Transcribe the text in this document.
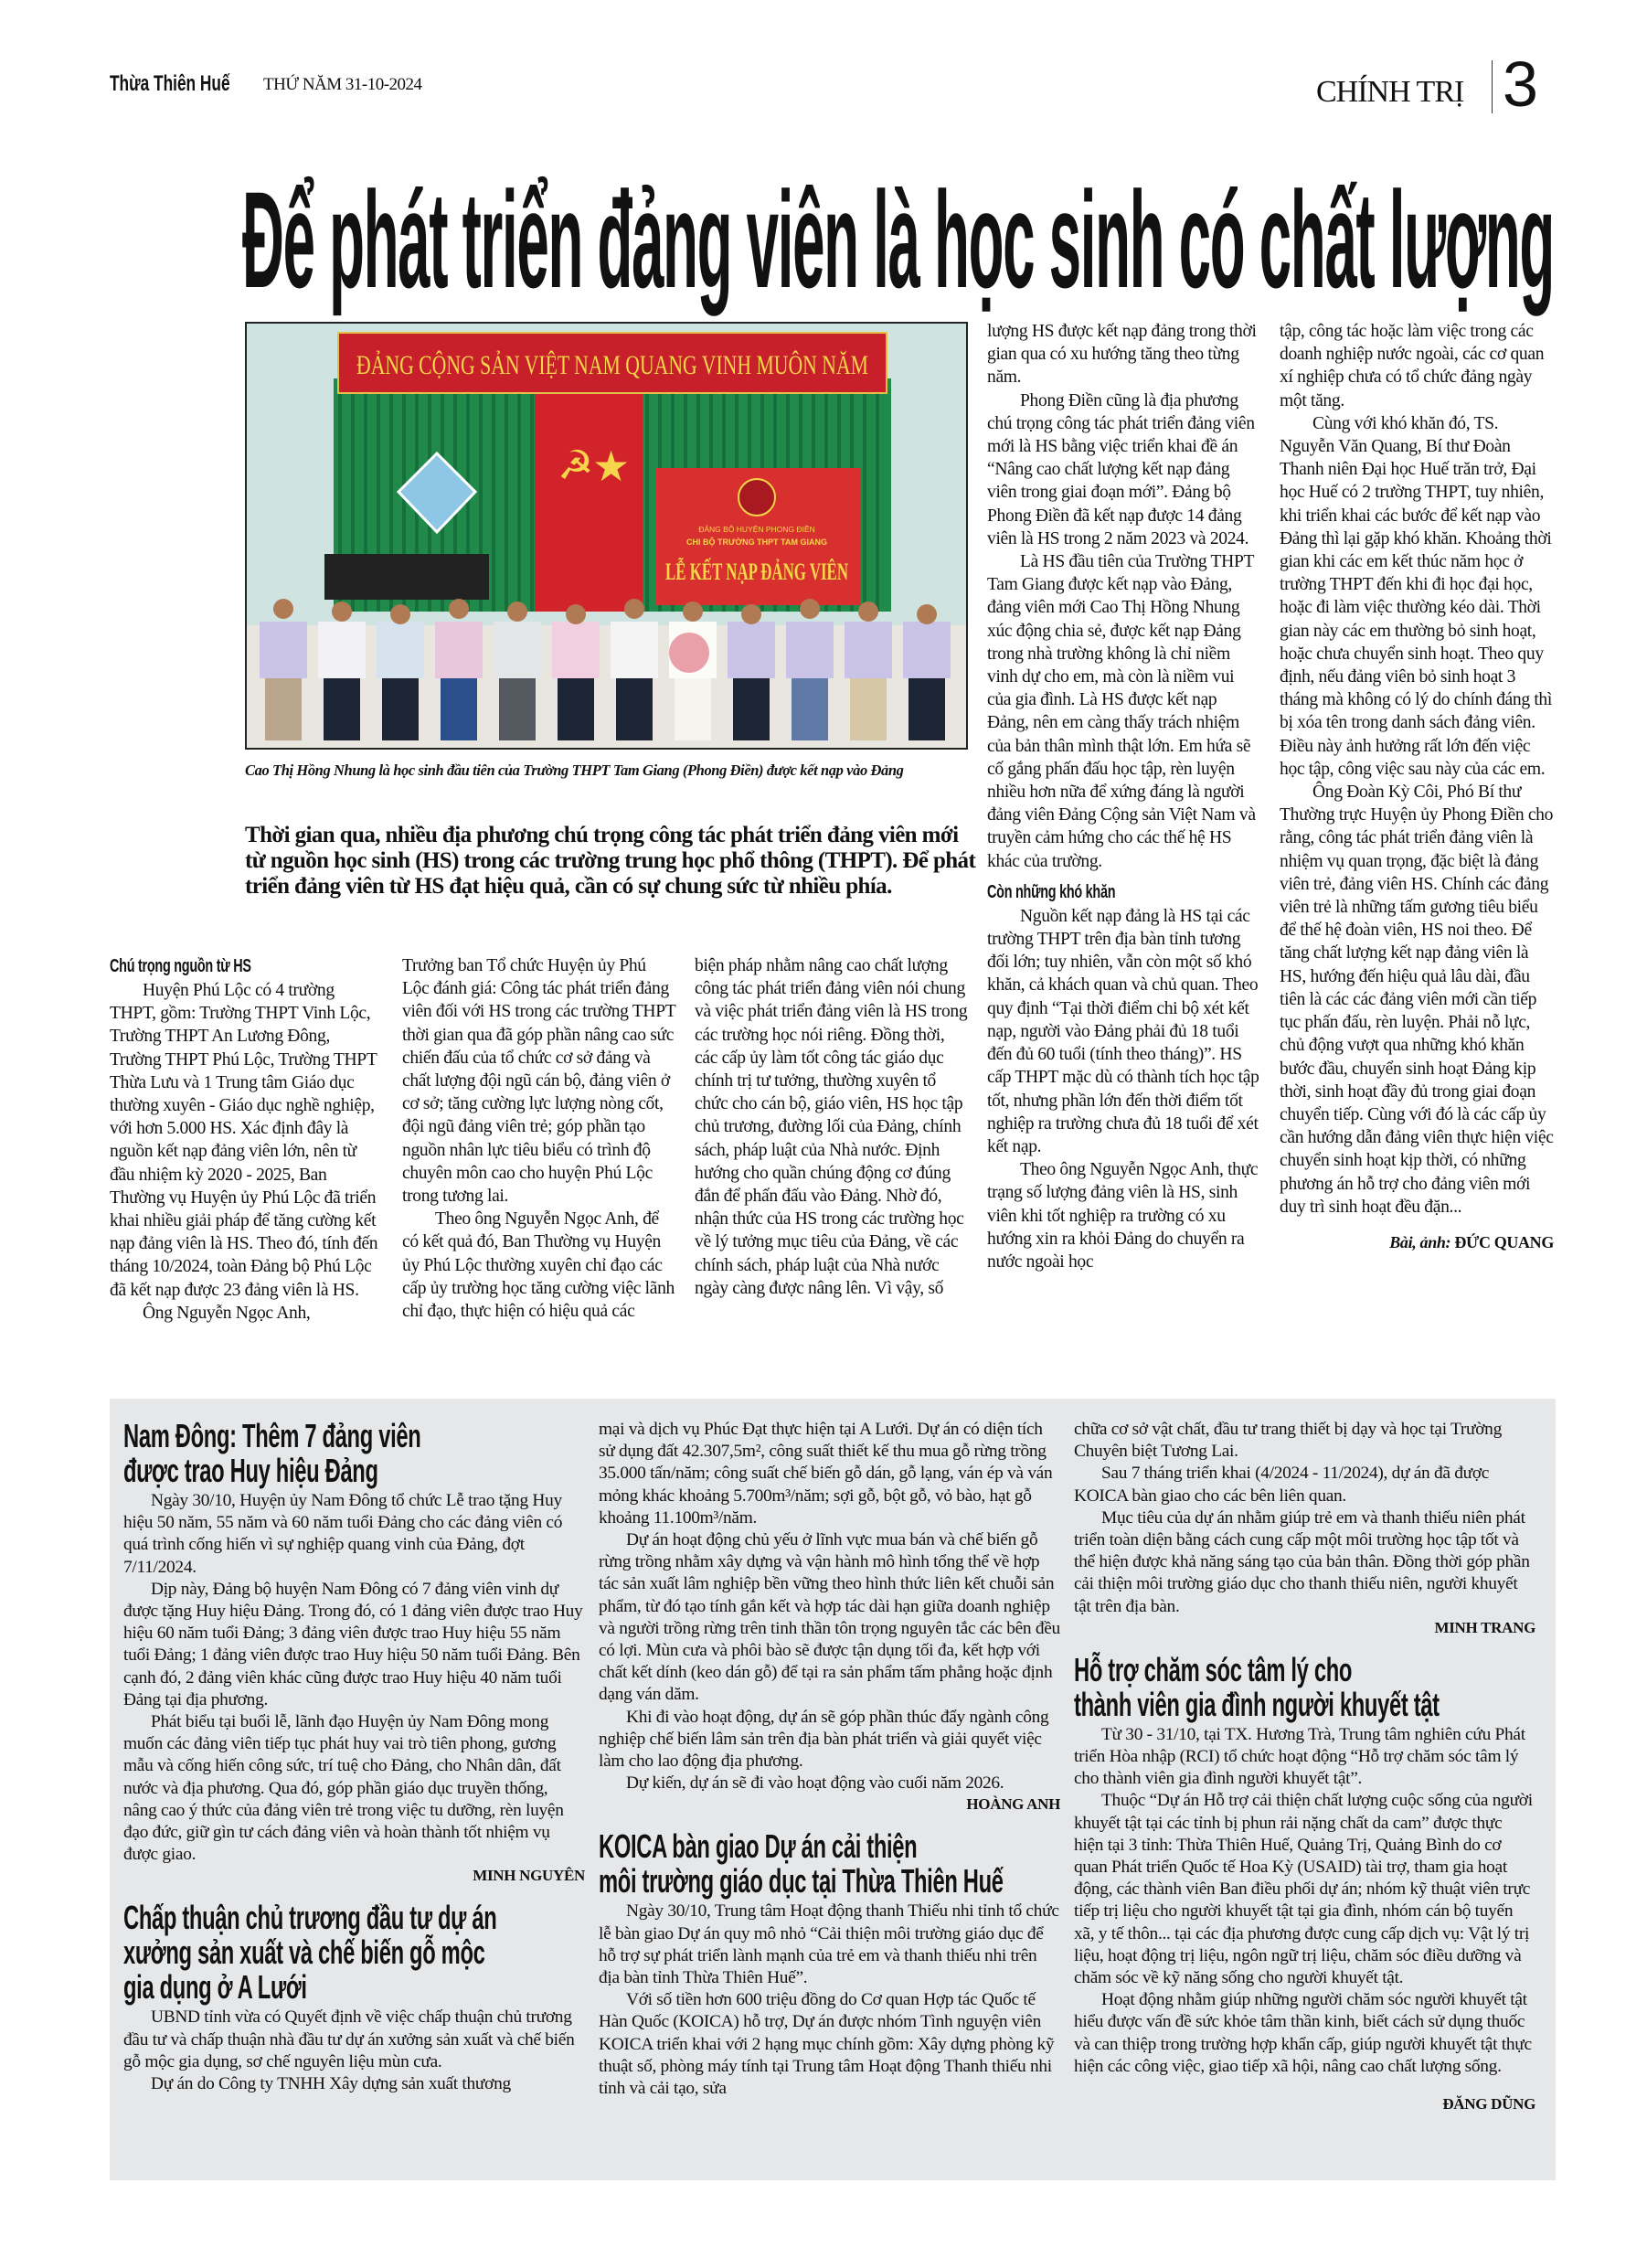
Thừa Thiên Huế THỨ NĂM 31-10-2024	CHÍNH TRỊ 3
Để phát triển đảng viên là học sinh có chất lượng
ĐẢNG CỘNG SẢN VIỆT NAM QUANG VINH MUÔN NĂM
☭
★
ĐẢNG BỘ HUYỆN PHONG ĐIỀN
CHI BỘ TRƯỜNG THPT TAM GIANG
LỄ KẾT NẠP ĐẢNG VIÊN
Cao Thị Hồng Nhung là học sinh đầu tiên của Trường THPT Tam Giang (Phong Điền) được kết nạp vào Đảng
Thời gian qua, nhiều địa phương chú trọng công tác phát triển đảng viên mới từ nguồn học sinh (HS) trong các trường trung học phổ thông (THPT). Để phát triển đảng viên từ HS đạt hiệu quả, cần có sự chung sức từ nhiều phía.

Chú trọng nguồn từ HS

Huyện Phú Lộc có 4 trường THPT, gồm: Trường THPT Vinh Lộc, Trường THPT An Lương Đông, Trường THPT Phú Lộc, Trường THPT Thừa Lưu và 1 Trung tâm Giáo dục thường xuyên - Giáo dục nghề nghiệp, với hơn 5.000 HS. Xác định đây là nguồn kết nạp đảng viên lớn, nên từ đầu nhiệm kỳ 2020 - 2025, Ban Thường vụ Huyện ủy Phú Lộc đã triển khai nhiều giải pháp để tăng cường kết nạp đảng viên là HS. Theo đó, tính đến tháng 10/2024, toàn Đảng bộ Phú Lộc đã kết nạp được 23 đảng viên là HS.

Ông Nguyễn Ngọc Anh,

Trưởng ban Tổ chức Huyện ủy Phú Lộc đánh giá: Công tác phát triển đảng viên đối với HS trong các trường THPT thời gian qua đã góp phần nâng cao sức chiến đấu của tổ chức cơ sở đảng và chất lượng đội ngũ cán bộ, đảng viên ở cơ sở; tăng cường lực lượng nòng cốt, đội ngũ đảng viên trẻ; góp phần tạo nguồn nhân lực tiêu biểu có trình độ chuyên môn cao cho huyện Phú Lộc trong tương lai.

Theo ông Nguyễn Ngọc Anh, để có kết quả đó, Ban Thường vụ Huyện ủy Phú Lộc thường xuyên chỉ đạo các cấp ủy trường học tăng cường việc lãnh chỉ đạo, thực hiện có hiệu quả các

biện pháp nhằm nâng cao chất lượng công tác phát triển đảng viên nói chung và việc phát triển đảng viên là HS trong các trường học nói riêng. Đồng thời, các cấp ủy làm tốt công tác giáo dục chính trị tư tưởng, thường xuyên tổ chức cho cán bộ, giáo viên, HS học tập chủ trương, đường lối của Đảng, chính sách, pháp luật của Nhà nước. Định hướng cho quần chúng động cơ đúng đắn để phấn đấu vào Đảng. Nhờ đó, nhận thức của HS trong các trường học về lý tưởng mục tiêu của Đảng, về các chính sách, pháp luật của Nhà nước ngày càng được nâng lên. Vì vậy, số

lượng HS được kết nạp đảng trong thời gian qua có xu hướng tăng theo từng năm.

Phong Điền cũng là địa phương chú trọng công tác phát triển đảng viên mới là HS bằng việc triển khai đề án “Nâng cao chất lượng kết nạp đảng viên trong giai đoạn mới”. Đảng bộ Phong Điền đã kết nạp được 14 đảng viên là HS trong 2 năm 2023 và 2024.

Là HS đầu tiên của Trường THPT Tam Giang được kết nạp vào Đảng, đảng viên mới Cao Thị Hồng Nhung xúc động chia sẻ, được kết nạp Đảng trong nhà trường không là chỉ niềm vinh dự cho em, mà còn là niềm vui của gia đình. Là HS được kết nạp Đảng, nên em càng thấy trách nhiệm của bản thân mình thật lớn. Em hứa sẽ cố gắng phấn đấu học tập, rèn luyện nhiều hơn nữa để xứng đáng là người đảng viên Đảng Cộng sản Việt Nam và truyền cảm hứng cho các thế hệ HS khác của trường.

Còn những khó khăn

Nguồn kết nạp đảng là HS tại các trường THPT trên địa bàn tỉnh tương đối lớn; tuy nhiên, vẫn còn một số khó khăn, cả khách quan và chủ quan. Theo quy định “Tại thời điểm chi bộ xét kết nạp, người vào Đảng phải đủ 18 tuổi đến đủ 60 tuổi (tính theo tháng)”. HS cấp THPT mặc dù có thành tích học tập tốt, nhưng phần lớn đến thời điểm tốt nghiệp ra trường chưa đủ 18 tuổi để xét kết nạp.

Theo ông Nguyễn Ngọc Anh, thực trạng số lượng đảng viên là HS, sinh viên khi tốt nghiệp ra trường có xu hướng xin ra khỏi Đảng do chuyển ra nước ngoài học

tập, công tác hoặc làm việc trong các doanh nghiệp nước ngoài, các cơ quan xí nghiệp chưa có tổ chức đảng ngày một tăng.

Cùng với khó khăn đó, TS. Nguyễn Văn Quang, Bí thư Đoàn Thanh niên Đại học Huế trăn trở, Đại học Huế có 2 trường THPT, tuy nhiên, khi triển khai các bước để kết nạp vào Đảng thì lại gặp khó khăn. Khoảng thời gian khi các em kết thúc năm học ở trường THPT đến khi đi học đại học, hoặc đi làm việc thường kéo dài. Thời gian này các em thường bỏ sinh hoạt, hoặc chưa chuyển sinh hoạt. Theo quy định, nếu đảng viên bỏ sinh hoạt 3 tháng mà không có lý do chính đáng thì bị xóa tên trong danh sách đảng viên. Điều này ảnh hưởng rất lớn đến việc học tập, công việc sau này của các em.

Ông Đoàn Kỳ Côi, Phó Bí thư Thường trực Huyện ủy Phong Điền cho rằng, công tác phát triển đảng viên là nhiệm vụ quan trọng, đặc biệt là đảng viên trẻ, đảng viên HS. Chính các đảng viên trẻ là những tấm gương tiêu biểu để thế hệ đoàn viên, HS noi theo. Để tăng chất lượng kết nạp đảng viên là HS, hướng đến hiệu quả lâu dài, đầu tiên là các các đảng viên mới cần tiếp tục phấn đấu, rèn luyện. Phải nỗ lực, chủ động vượt qua những khó khăn bước đầu, chuyển sinh hoạt Đảng kịp thời, sinh hoạt đầy đủ trong giai đoạn chuyển tiếp. Cùng với đó là các cấp ủy cần hướng dẫn đảng viên thực hiện việc chuyển sinh hoạt kịp thời, có những phương án hỗ trợ cho đảng viên mới duy trì sinh hoạt đều đặn...

Bài, ảnh: ĐỨC QUANG

Nam Đông: Thêm 7 đảng viên
được trao Huy hiệu Đảng

Ngày 30/10, Huyện ủy Nam Đông tổ chức Lễ trao tặng Huy hiệu 50 năm, 55 năm và 60 năm tuổi Đảng cho các đảng viên có quá trình cống hiến vì sự nghiệp quang vinh của Đảng, đợt 7/11/2024.

Dịp này, Đảng bộ huyện Nam Đông có 7 đảng viên vinh dự được tặng Huy hiệu Đảng. Trong đó, có 1 đảng viên được trao Huy hiệu 60 năm tuổi Đảng; 3 đảng viên được trao Huy hiệu 55 năm tuổi Đảng; 1 đảng viên được trao Huy hiệu 50 năm tuổi Đảng. Bên cạnh đó, 2 đảng viên khác cũng được trao Huy hiệu 40 năm tuổi Đảng tại địa phương.

Phát biểu tại buổi lễ, lãnh đạo Huyện ủy Nam Đông mong muốn các đảng viên tiếp tục phát huy vai trò tiên phong, gương mẫu và cống hiến công sức, trí tuệ cho Đảng, cho Nhân dân, đất nước và địa phương. Qua đó, góp phần giáo dục truyền thống, nâng cao ý thức của đảng viên trẻ trong việc tu dưỡng, rèn luyện đạo đức, giữ gìn tư cách đảng viên và hoàn thành tốt nhiệm vụ được giao.

MINH NGUYÊN

Chấp thuận chủ trương đầu tư dự án
xưởng sản xuất và chế biến gỗ mộc
gia dụng ở A Lưới

UBND tỉnh vừa có Quyết định về việc chấp thuận chủ trương đầu tư và chấp thuận nhà đầu tư dự án xưởng sản xuất và chế biến gỗ mộc gia dụng, sơ chế nguyên liệu mùn cưa.

Dự án do Công ty TNHH Xây dựng sản xuất thương

mại và dịch vụ Phúc Đạt thực hiện tại A Lưới. Dự án có diện tích sử dụng đất 42.307,5m², công suất thiết kế thu mua gỗ rừng trồng 35.000 tấn/năm; công suất chế biến gỗ dán, gỗ lạng, ván ép và ván mỏng khác khoảng 5.700m³/năm; sợi gỗ, bột gỗ, vỏ bào, hạt gỗ khoảng 11.100m³/năm.

Dự án hoạt động chủ yếu ở lĩnh vực mua bán và chế biến gỗ rừng trồng nhằm xây dựng và vận hành mô hình tổng thể về hợp tác sản xuất lâm nghiệp bền vững theo hình thức liên kết chuỗi sản phẩm, từ đó tạo tính gắn kết và hợp tác dài hạn giữa doanh nghiệp và người trồng rừng trên tinh thần tôn trọng nguyên tắc các bên đều có lợi. Mùn cưa và phôi bào sẽ được tận dụng tối đa, kết hợp với chất kết dính (keo dán gỗ) để tại ra sản phẩm tấm phẳng hoặc định dạng ván dăm.

Khi đi vào hoạt động, dự án sẽ góp phần thúc đẩy ngành công nghiệp chế biến lâm sản trên địa bàn phát triển và giải quyết việc làm cho lao động địa phương.

Dự kiến, dự án sẽ đi vào hoạt động vào cuối năm 2026.

HOÀNG ANH

KOICA bàn giao Dự án cải thiện
môi trường giáo dục tại Thừa Thiên Huế

Ngày 30/10, Trung tâm Hoạt động thanh Thiếu nhi tỉnh tổ chức lễ bàn giao Dự án quy mô nhỏ “Cải thiện môi trường giáo dục để hỗ trợ sự phát triển lành mạnh của trẻ em và thanh thiếu nhi trên địa bàn tỉnh Thừa Thiên Huế”.

Với số tiền hơn 600 triệu đồng do Cơ quan Hợp tác Quốc tế Hàn Quốc (KOICA) hỗ trợ, Dự án được nhóm Tình nguyện viên KOICA triển khai với 2 hạng mục chính gồm: Xây dựng phòng kỹ thuật số, phòng máy tính tại Trung tâm Hoạt động Thanh thiếu nhi tỉnh và cải tạo, sửa

chữa cơ sở vật chất, đầu tư trang thiết bị dạy và học tại Trường Chuyên biệt Tương Lai.

Sau 7 tháng triển khai (4/2024 - 11/2024), dự án đã được KOICA bàn giao cho các bên liên quan.

Mục tiêu của dự án nhằm giúp trẻ em và thanh thiếu niên phát triển toàn diện bằng cách cung cấp một môi trường học tập tốt và thể hiện được khả năng sáng tạo của bản thân. Đồng thời góp phần cải thiện môi trường giáo dục cho thanh thiếu niên, người khuyết tật trên địa bàn.

MINH TRANG

Hỗ trợ chăm sóc tâm lý cho
thành viên gia đình người khuyết tật

Từ 30 - 31/10, tại TX. Hương Trà, Trung tâm nghiên cứu Phát triển Hòa nhập (RCI) tổ chức hoạt động “Hỗ trợ chăm sóc tâm lý cho thành viên gia đình người khuyết tật”.

Thuộc “Dự án Hỗ trợ cải thiện chất lượng cuộc sống của người khuyết tật tại các tỉnh bị phun rải nặng chất da cam” được thực hiện tại 3 tỉnh: Thừa Thiên Huế, Quảng Trị, Quảng Bình do cơ quan Phát triển Quốc tế Hoa Kỳ (USAID) tài trợ, tham gia hoạt động, các thành viên Ban điều phối dự án; nhóm kỹ thuật viên trực tiếp trị liệu cho người khuyết tật tại gia đình, nhóm cán bộ tuyến xã, y tế thôn... tại các địa phương được cung cấp dịch vụ: Vật lý trị liệu, hoạt động trị liệu, ngôn ngữ trị liệu, chăm sóc điều dưỡng và chăm sóc về kỹ năng sống cho người khuyết tật.

Hoạt động nhằm giúp những người chăm sóc người khuyết tật hiểu được vấn đề sức khỏe tâm thần kinh, biết cách sử dụng thuốc và can thiệp trong trường hợp khẩn cấp, giúp người khuyết tật thực hiện các công việc, giao tiếp xã hội, nâng cao chất lượng sống.

ĐĂNG DŨNG
